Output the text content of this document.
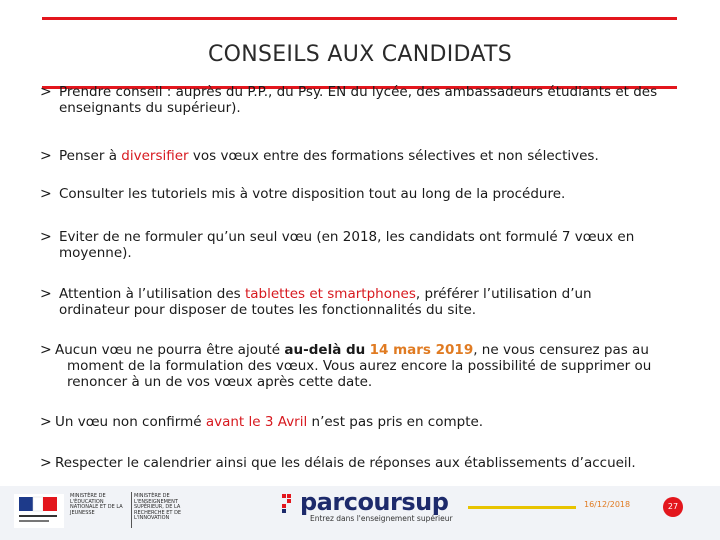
CONSEILS AUX CANDIDATS
> Prendre conseil : auprès du P.P., du Psy. EN du lycée, des ambassadeurs étudiants et des
enseignants du supérieur).
> Penser à diversifier vos vœux entre des formations sélectives et non sélectives.
> Consulter les tutoriels mis à votre disposition tout au long de la procédure.
> Eviter de ne formuler qu’un seul vœu (en 2018, les candidats ont formulé 7 vœux en
moyenne).
> Attention à l’utilisation des tablettes et smartphones, préférer l’utilisation d’un
ordinateur pour disposer de toutes les fonctionnalités du site.
> Aucun vœu ne pourra être ajouté au-delà du 14 mars 2019, ne vous censurez pas au
moment de la formulation des vœux. Vous aurez encore la possibilité de supprimer ou
renoncer à un de vos vœux après cette date.
> Un vœu non confirmé avant le 3 Avril n’est pas pris en compte.
> Respecter le calendrier ainsi que les délais de réponses aux établissements d’accueil.
MINISTÈRE DE L'ÉDUCATION NATIONALE ET DE LA JEUNESSE
MINISTÈRE DE L'ENSEIGNEMENT SUPÉRIEUR, DE LA RECHERCHE ET DE L'INNOVATION
parcoursup
Entrez dans l'enseignement supérieur
16/12/2018	27
